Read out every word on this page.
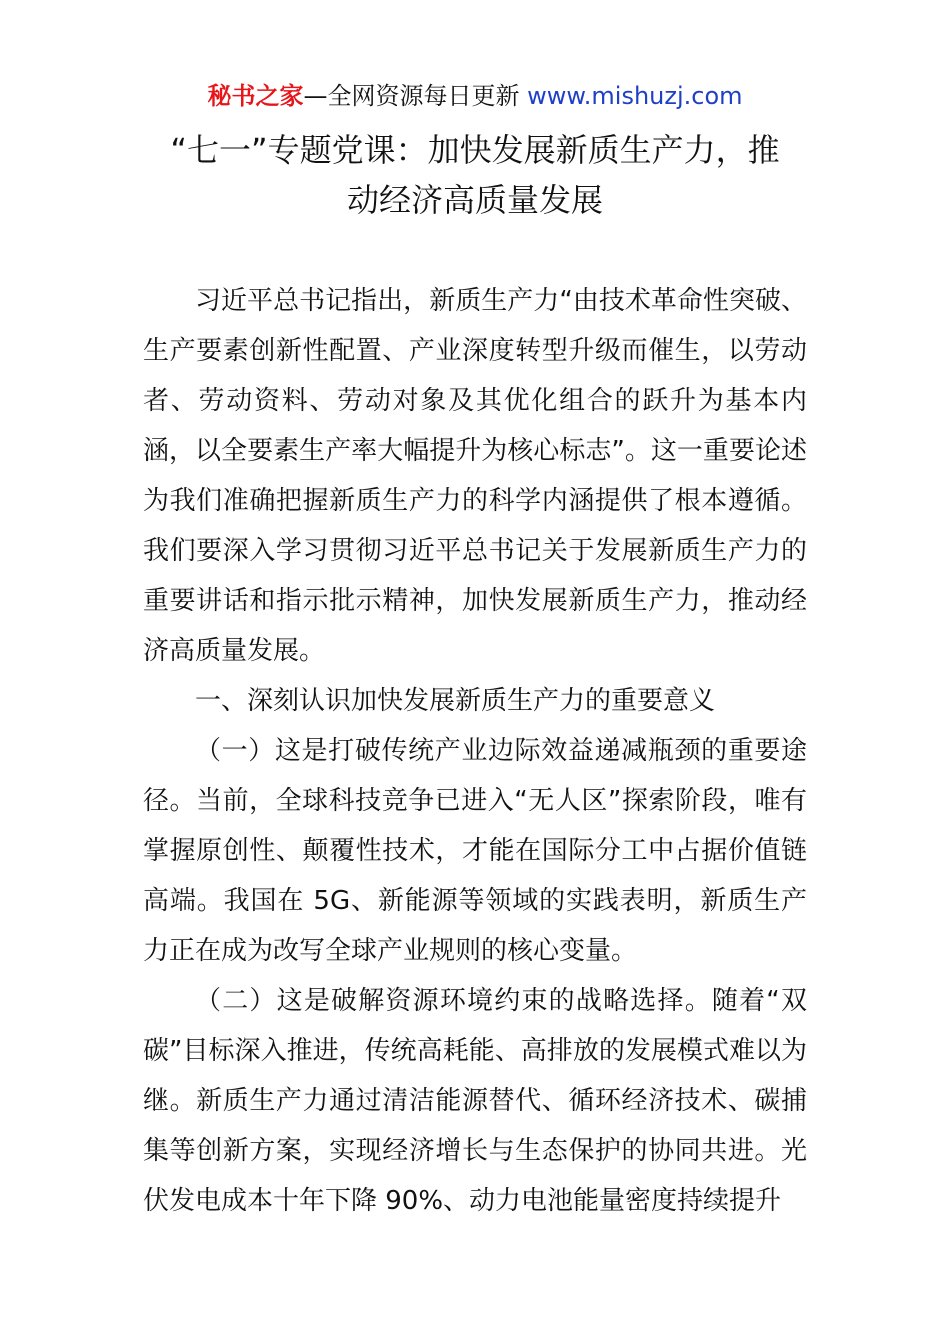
秘书之家—全网资源每日更新 www.mishuzj.com
“七一”专题党课：加快发展新质生产力，推
动经济高质量发展

习近平总书记指出，新质生产力“由技术革命性突破、生产要素创新性配置、产业深度转型升级而催生，以劳动者、劳动资料、劳动对象及其优化组合的跃升为基本内涵，以全要素生产率大幅提升为核心标志”。这一重要论述为我们准确把握新质生产力的科学内涵提供了根本遵循。我们要深入学习贯彻习近平总书记关于发展新质生产力的重要讲话和指示批示精神，加快发展新质生产力，推动经济高质量发展。

一、深刻认识加快发展新质生产力的重要意义

（一）这是打破传统产业边际效益递减瓶颈的重要途径。当前，全球科技竞争已进入“无人区”探索阶段，唯有掌握原创性、颠覆性技术，才能在国际分工中占据价值链高端。我国在 5G、新能源等领域的实践表明，新质生产力正在成为改写全球产业规则的核心变量。

（二）这是破解资源环境约束的战略选择。随着“双碳”目标深入推进，传统高耗能、高排放的发展模式难以为继。新质生产力通过清洁能源替代、循环经济技术、碳捕集等创新方案，实现经济增长与生态保护的协同共进。光伏发电成本十年下降 90%、动力电池能量密度持续提升
